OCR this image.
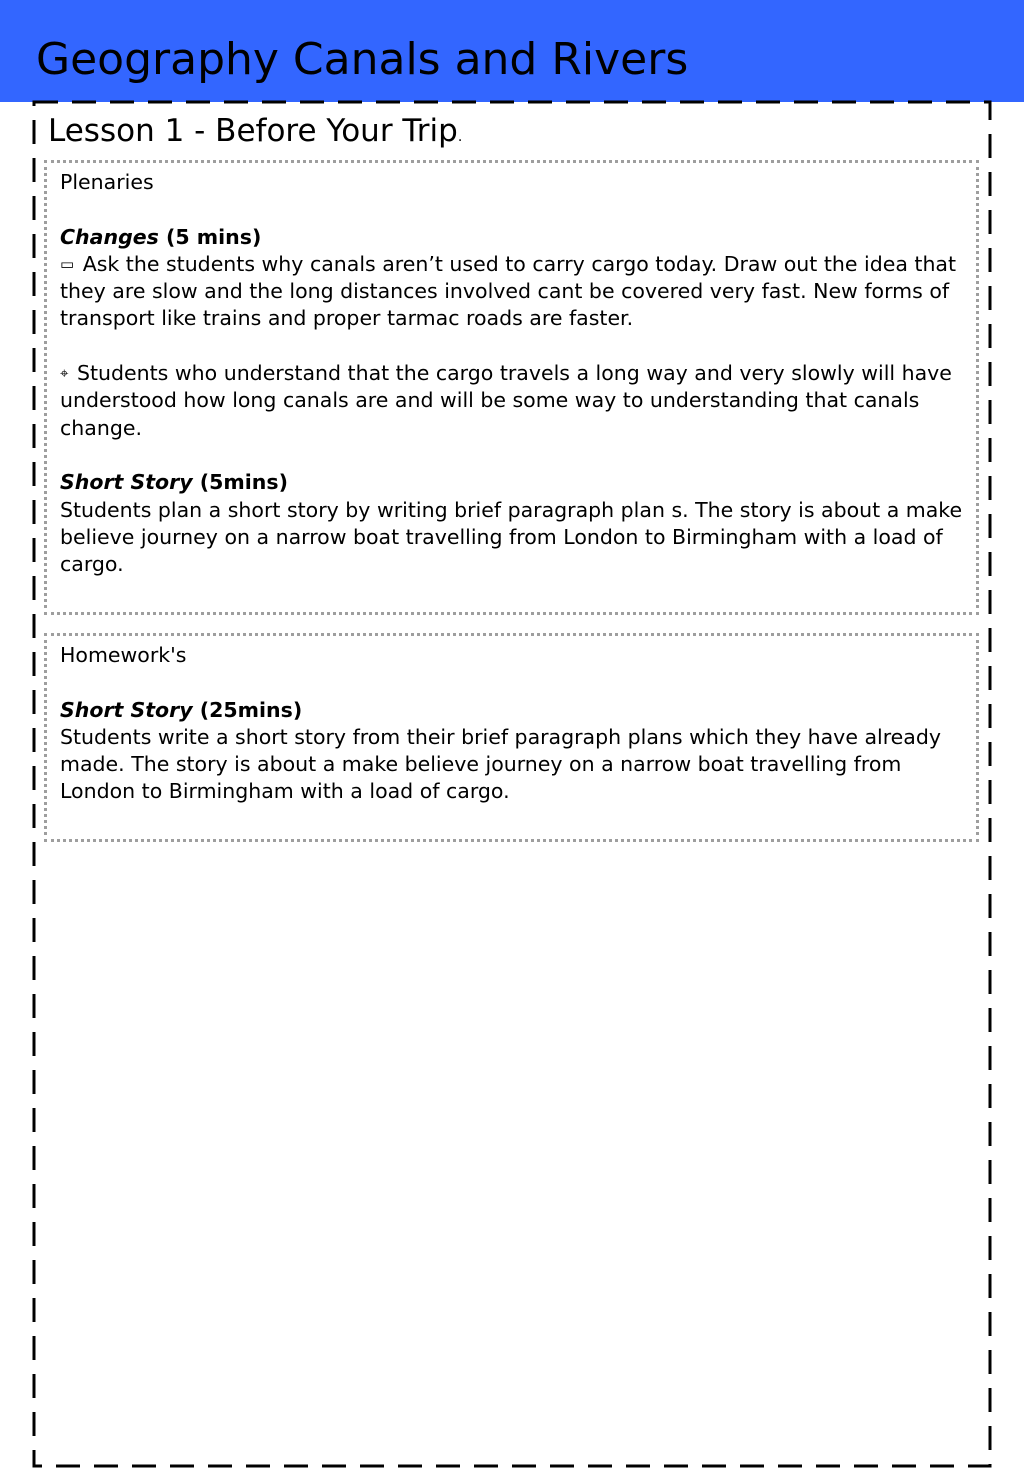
Geography Canals and Rivers
Lesson 1 - Before Your Trip.

Plenaries

Changes (5 mins)

▭ Ask the students why canals aren’t used to carry cargo today. Draw out the idea that they are slow and the long distances involved cant be covered very fast. New forms of transport like trains and proper tarmac roads are faster.

⌖ Students who understand that the cargo travels a long way and very slowly will have understood how long canals are and will be some way to understanding that canals change.

Short Story (5mins)

Students plan a short story by writing brief paragraph plan s. The story is about a make believe journey on a narrow boat travelling from London to Birmingham with a load of cargo.

Homework's

Short Story (25mins)

Students write a short story from their brief paragraph plans which they have already made. The story is about a make believe journey on a narrow boat travelling from London to Birmingham with a load of cargo.
